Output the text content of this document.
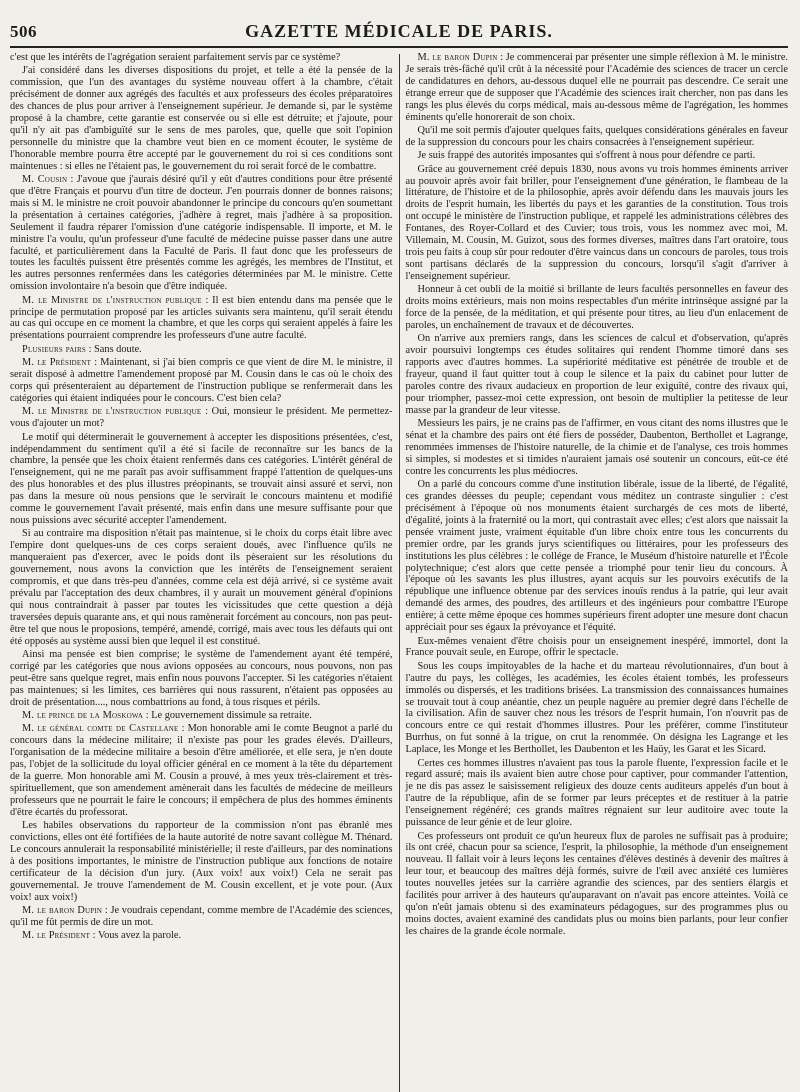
506	GAZETTE MÉDICALE DE PARIS.

c'est que les intérêts de l'agrégation seraient parfaitement servis par ce système?

J'ai considéré dans les diverses dispositions du projet, et telle a été la pensée de la commission, que l'un des avantages du système nouveau offert à la chambre, c'était précisément de donner aux agrégés des facultés et aux professeurs des écoles préparatoires des chances de plus pour arriver à l'enseignement supérieur. Je demande si, par le système proposé à la chambre, cette garantie est conservée ou si elle est détruite; et j'ajoute, pour qu'il n'y ait pas d'ambiguïté sur le sens de mes paroles, que, quelle que soit l'opinion personnelle du ministre que la chambre veut bien en ce moment écouter, le système de l'honorable membre pourra être accepté par le gouvernement du roi si ces conditions sont maintenues : si elles ne l'étaient pas, le gouvernement du roi serait forcé de le combattre.

M. Cousin : J'avoue que j'aurais désiré qu'il y eût d'autres conditions pour être présenté que d'être Français et pourvu d'un titre de docteur. J'en pourrais donner de bonnes raisons; mais si M. le ministre ne croit pouvoir abandonner le principe du concours qu'en soumettant la présentation à certaines catégories, j'adhère à regret, mais j'adhère à sa proposition. Seulement il faudra réparer l'omission d'une catégorie indispensable. Il importe, et M. le ministre l'a voulu, qu'un professeur d'une faculté de médecine puisse passer dans une autre faculté, et particulièrement dans la Faculté de Paris. Il faut donc que les professeurs de toutes les facultés puissent être présentés comme les agrégés, les membres de l'Institut, et les autres personnes renfermées dans les catégories déterminées par M. le ministre. Cette omission involontaire n'a besoin que d'être indiquée.

M. le Ministre de l'instruction publique : Il est bien entendu dans ma pensée que le principe de permutation proposé par les articles suivants sera maintenu, qu'il serait étendu au cas qui occupe en ce moment la chambre, et que les corps qui seraient appelés à faire les présentations pourraient comprendre les professeurs d'une autre faculté.

Plusieurs pairs : Sans doute.

M. le Président : Maintenant, si j'ai bien compris ce que vient de dire M. le ministre, il serait disposé à admettre l'amendement proposé par M. Cousin dans le cas où le choix des corps qui présenteraient au département de l'instruction publique se renfermerait dans les catégories qui étaient indiquées pour le concours. C'est bien cela?

M. le Ministre de l'instruction publique : Oui, monsieur le président. Me permettez-vous d'ajouter un mot?

Le motif qui déterminerait le gouvernement à accepter les dispositions présentées, c'est, indépendamment du sentiment qu'il a été si facile de reconnaître sur les bancs de la chambre, la pensée que les choix étaient renfermés dans ces catégories. L'intérêt général de l'enseignement, qui ne me paraît pas avoir suffisamment frappé l'attention de quelques-uns des plus honorables et des plus illustres préopinants, se trouvait ainsi assuré et servi, non pas dans la mesure où nous pensions que le servirait le concours maintenu et modifié comme le gouvernement l'avait présenté, mais enfin dans une mesure suffisante pour que nous puissions avec sécurité accepter l'amendement.

Si au contraire ma disposition n'était pas maintenue, si le choix du corps était libre avec l'empire dont quelques-uns de ces corps seraient doués, avec l'influence qu'ils ne manqueraient pas d'exercer, avec le poids dont ils pèseraient sur les résolutions du gouvernement, nous avons la conviction que les intérêts de l'enseignement seraient compromis, et que dans très-peu d'années, comme cela est déjà arrivé, si ce système avait prévalu par l'acceptation des deux chambres, il y aurait un mouvement général d'opinions qui nous contraindrait à passer par toutes les vicissitudes que cette question a déjà traversées depuis quarante ans, et qui nous ramènerait forcément au concours, non pas peut-être tel que nous le proposions, tempéré, amendé, corrigé, mais avec tous les défauts qui ont été opposés au système aussi bien que lequel il est constitué.

Ainsi ma pensée est bien comprise; le système de l'amendement ayant été tempéré, corrigé par les catégories que nous avions opposées au concours, nous pouvons, non pas peut-être sans quelque regret, mais enfin nous pouvons l'accepter. Si les catégories n'étaient pas maintenues; si les limites, ces barrières qui nous rassurent, n'étaient pas opposées au droit de présentation...., nous combattrions au fond, à tous risques et périls.

M. le prince de la Moskowa : Le gouvernement dissimule sa retraite.

M. le général comte de Castellane : Mon honorable ami le comte Beugnot a parlé du concours dans la médecine militaire; il n'existe pas pour les grades élevés. D'ailleurs, l'organisation de la médecine militaire a besoin d'être améliorée, et elle sera, je n'en doute pas, l'objet de la sollicitude du loyal officier général en ce moment à la tête du département de la guerre. Mon honorable ami M. Cousin a prouvé, à mes yeux très-clairement et très-spirituellement, que son amendement amènerait dans les facultés de médecine de meilleurs professeurs que ne pourrait le faire le concours; il empêchera de plus des hommes éminents d'être écartés du professorat.

Les habiles observations du rapporteur de la commission n'ont pas ébranlé mes convictions, elles ont été fortifiées de la haute autorité de notre savant collègue M. Thénard. Le concours annulerait la responsabilité ministérielle; il reste d'ailleurs, par des nominations à des positions importantes, le ministre de l'instruction publique aux fonctions de notaire certificateur de la décision d'un jury. (Aux voix! aux voix!) Cela ne serait pas gouvernemental. Je trouve l'amendement de M. Cousin excellent, et je vote pour. (Aux voix! aux voix!)

M. le baron Dupin : Je voudrais cependant, comme membre de l'Académie des sciences, qu'il me fût permis de dire un mot.

M. le Président : Vous avez la parole.

M. le baron Dupin : Je commencerai par présenter une simple réflexion à M. le ministre. Je serais très-fâché qu'il crût à la nécessité pour l'Académie des sciences de tracer un cercle de candidatures en dehors, au-dessous duquel elle ne pourrait pas descendre. Ce serait une étrange erreur que de supposer que l'Académie des sciences irait chercher, non pas dans les rangs les plus élevés du corps médical, mais au-dessous même de l'agrégation, les hommes éminents qu'elle honorerait de son choix.

Qu'il me soit permis d'ajouter quelques faits, quelques considérations générales en faveur de la suppression du concours pour les chairs consacrées à l'enseignement supérieur.

Je suis frappé des autorités imposantes qui s'offrent à nous pour défendre ce parti.

Grâce au gouvernement créé depuis 1830, nous avons vu trois hommes éminents arriver au pouvoir après avoir fait briller, pour l'enseignement d'une génération, le flambeau de la littérature, de l'histoire et de la philosophie, après avoir défendu dans les mauvais jours les droits de l'esprit humain, les libertés du pays et les garanties de la constitution. Tous trois ont occupé le ministère de l'instruction publique, et rappelé les administrations célèbres des Fontanes, des Royer-Collard et des Cuvier; tous trois, vous les nommez avec moi, M. Villemain, M. Cousin, M. Guizot, sous des formes diverses, maîtres dans l'art oratoire, tous trois peu faits à coup sûr pour redouter d'être vaincus dans un concours de paroles, tous trois sont partisans déclarés de la suppression du concours, lorsqu'il s'agit d'arriver à l'enseignement supérieur.

Honneur à cet oubli de la moitié si brillante de leurs facultés personnelles en faveur des droits moins extérieurs, mais non moins respectables d'un mérite intrinsèque assigné par la force de la pensée, de la méditation, et qui présente pour titres, au lieu d'un enlacement de paroles, un enchaînement de travaux et de découvertes.

On n'arrive aux premiers rangs, dans les sciences de calcul et d'observation, qu'après avoir poursuivi longtemps ces études solitaires qui rendent l'homme timoré dans ses rapports avec d'autres hommes. La supériorité méditative est pénétrée de trouble et de frayeur, quand il faut quitter tout à coup le silence et la paix du cabinet pour lutter de paroles contre des rivaux audacieux en proportion de leur exiguïté, contre des rivaux qui, pour triompher, passez-moi cette expression, ont besoin de multiplier la petitesse de leur masse par la grandeur de leur vitesse.

Messieurs les pairs, je ne crains pas de l'affirmer, en vous citant des noms illustres que le sénat et la chambre des pairs ont été fiers de posséder, Daubenton, Berthollet et Lagrange, renommées immenses de l'histoire naturelle, de la chimie et de l'analyse, ces trois hommes si simples, si modestes et si timides n'auraient jamais osé soutenir un concours, eût-ce été contre les concurrents les plus médiocres.

On a parlé du concours comme d'une institution libérale, issue de la liberté, de l'égalité, ces grandes déesses du peuple; cependant vous méditez un contraste singulier : c'est précisément à l'époque où nos monuments étaient surchargés de ces mots de liberté, d'égalité, joints à la fraternité ou la mort, qui contrastait avec elles; c'est alors que naissait la pensée vraiment juste, vraiment équitable d'un libre choix entre tous les concurrents du premier ordre, par les grands jurys scientifiques ou littéraires, pour les professeurs des institutions les plus célèbres : le collége de France, le Muséum d'histoire naturelle et l'École polytechnique; c'est alors que cette pensée a triomphé pour tenir lieu du concours. À l'époque où les savants les plus illustres, ayant acquis sur les pouvoirs exécutifs de la république une influence obtenue par des services inouïs rendus à la patrie, qui leur avait demandé des armes, des poudres, des artilleurs et des ingénieurs pour combattre l'Europe entière; à cette même époque ces hommes supérieurs firent adopter une mesure dont chacun appréciait pour ses égaux la prévoyance et l'équité.

Eux-mêmes venaient d'être choisis pour un enseignement inespéré, immortel, dont la France pouvait seule, en Europe, offrir le spectacle.

Sous les coups impitoyables de la hache et du marteau révolutionnaires, d'un bout à l'autre du pays, les collèges, les académies, les écoles étaient tombés, les professeurs immolés ou dispersés, et les traditions brisées. La transmission des connaissances humaines se trouvait tout à coup anéantie, chez un peuple naguère au premier degré dans l'échelle de la civilisation. Afin de sauver chez nous les trésors de l'esprit humain, l'on n'ouvrit pas de concours entre ce qui restait d'hommes illustres. Pour les préférer, comme l'instituteur Burrhus, on fut sonné à la trigue, on crut la renommée. On désigna les Lagrange et les Laplace, les Monge et les Berthollet, les Daubenton et les Haüy, les Garat et les Sicard.

Certes ces hommes illustres n'avaient pas tous la parole fluente, l'expression facile et le regard assuré; mais ils avaient bien autre chose pour captiver, pour commander l'attention, je ne dis pas assez le saisissement religieux des douze cents auditeurs appelés d'un bout à l'autre de la république, afin de se former par leurs préceptes et de restituer à la patrie l'enseignement régénéré; ces grands maîtres régnaient sur leur auditoire avec toute la puissance de leur génie et de leur gloire.

Ces professeurs ont produit ce qu'un heureux flux de paroles ne suffisait pas à produire; ils ont créé, chacun pour sa science, l'esprit, la philosophie, la méthode d'un enseignement nouveau. Il fallait voir à leurs leçons les centaines d'élèves destinés à devenir des maîtres à leur tour, et beaucoup des maîtres déjà formés, suivre de l'œil avec anxiété ces lumières toutes nouvelles jetées sur la carrière agrandie des sciences, par des sentiers élargis et facilités pour arriver à des hauteurs qu'auparavant on n'avait pas encore atteintes. Voilà ce qu'on n'eût jamais obtenu si des examinateurs pédagogues, sur des programmes plus ou moins doctes, avaient examiné des candidats plus ou moins bien parlants, pour leur confier les chaires de la grande école normale.
